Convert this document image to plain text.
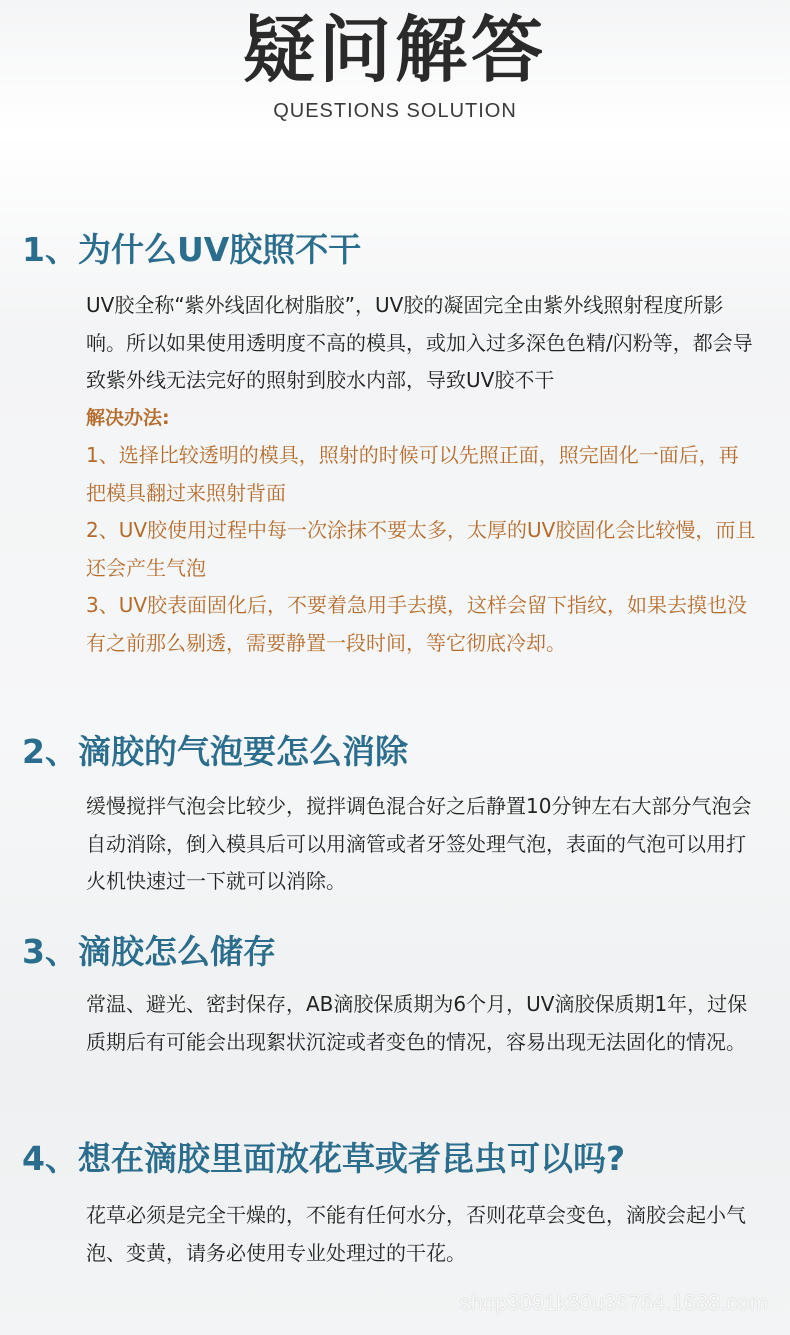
疑问解答
QUESTIONS SOLUTION
1、为什么UV胶照不干

UV胶全称“紫外线固化树脂胶”，UV胶的凝固完全由紫外线照射程度所影响。所以如果使用透明度不高的模具，或加入过多深色色精/闪粉等，都会导致紫外线无法完好的照射到胶水内部，导致UV胶不干

解决办法:

1、选择比较透明的模具，照射的时候可以先照正面，照完固化一面后，再把模具翻过来照射背面

2、UV胶使用过程中每一次涂抹不要太多，太厚的UV胶固化会比较慢，而且还会产生气泡

3、UV胶表面固化后，不要着急用手去摸，这样会留下指纹，如果去摸也没有之前那么剔透，需要静置一段时间，等它彻底冷却。

2、滴胶的气泡要怎么消除
缓慢搅拌气泡会比较少，搅拌调色混合好之后静置10分钟左右大部分气泡会自动消除，倒入模具后可以用滴管或者牙签处理气泡，表面的气泡可以用打火机快速过一下就可以消除。
3、滴胶怎么储存
常温、避光、密封保存，AB滴胶保质期为6个月，UV滴胶保质期1年，过保质期后有可能会出现絮状沉淀或者变色的情况，容易出现无法固化的情况。
4、想在滴胶里面放花草或者昆虫可以吗?
花草必须是完全干燥的，不能有任何水分，否则花草会变色，滴胶会起小气泡、变黄，请务必使用专业处理过的干花。
shop3091k80u36764.1688.com
